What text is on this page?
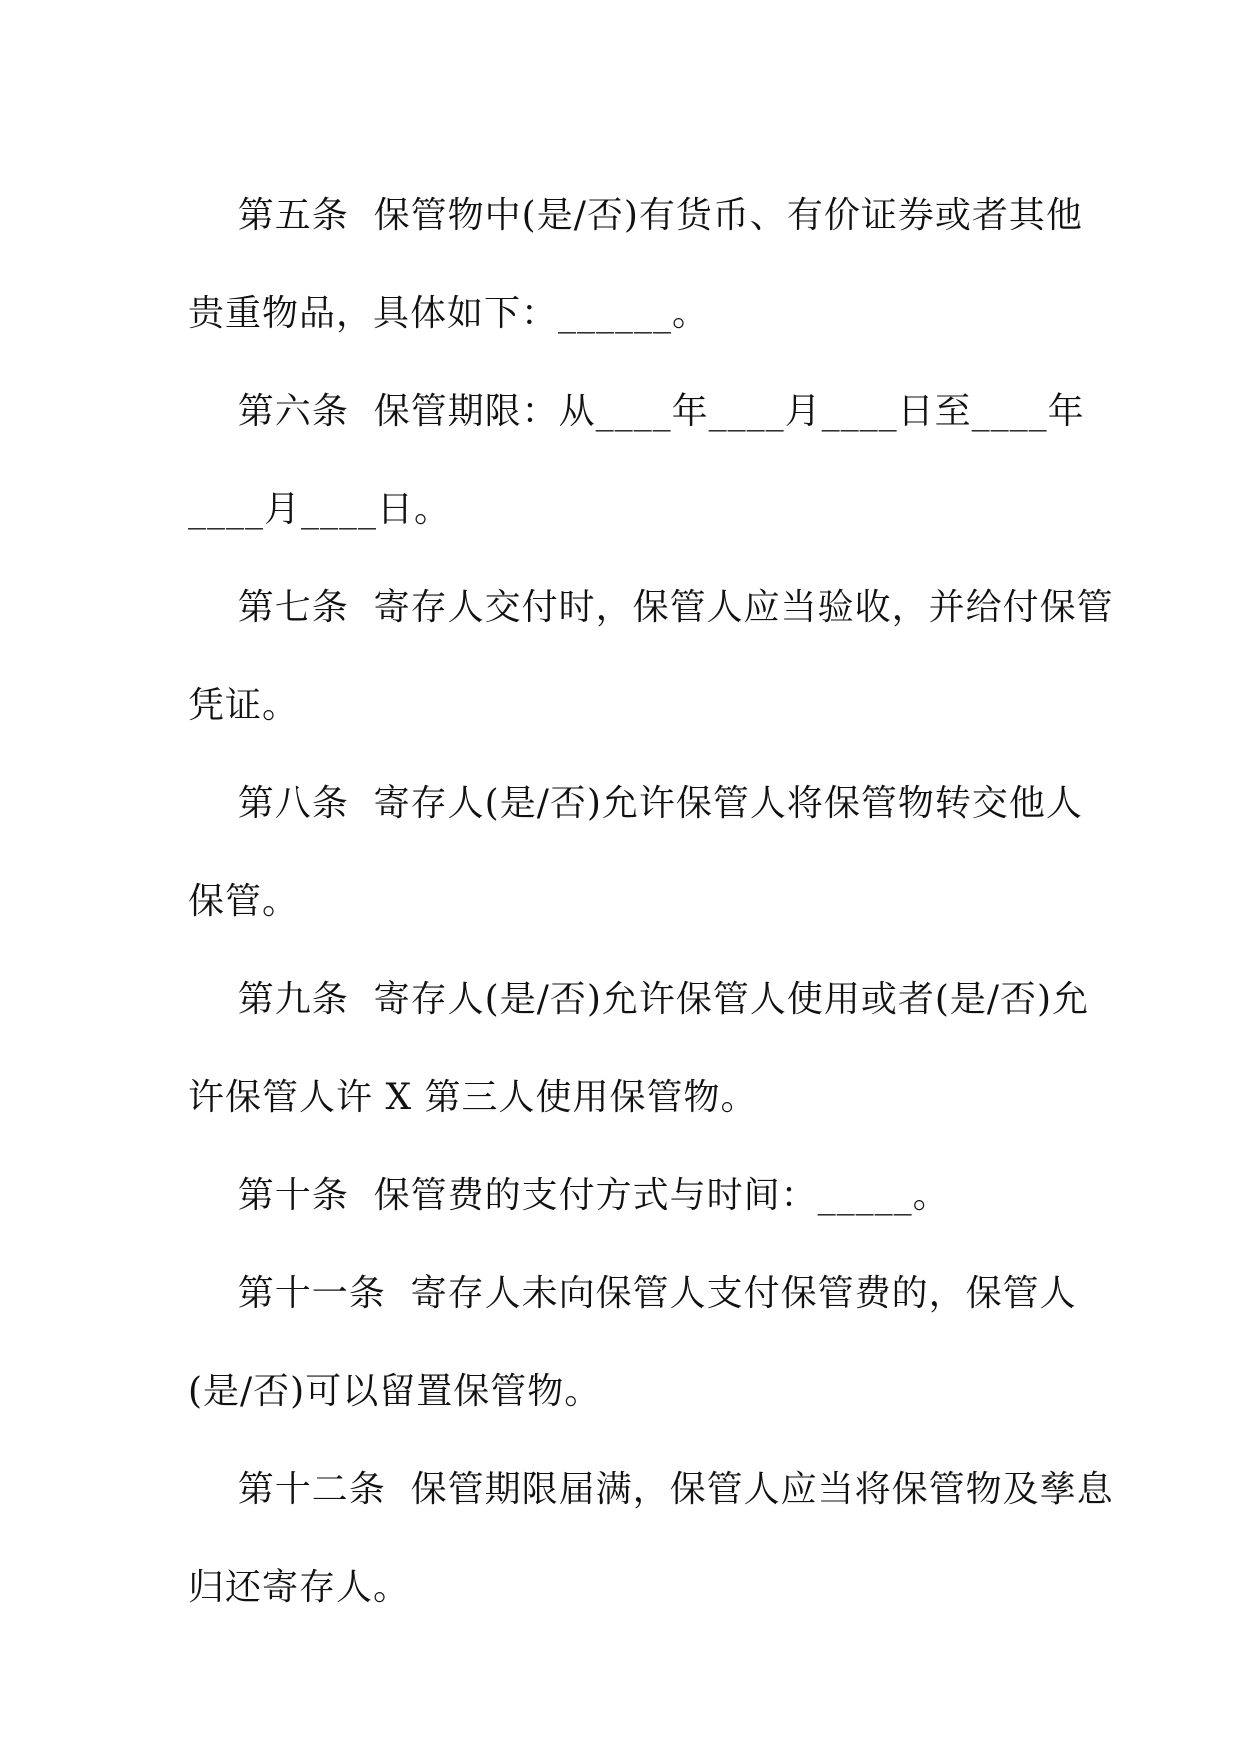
第五条  保管物中(是/否)有货币、有价证券或者其他
贵重物品，具体如下：______。
第六条  保管期限：从____年____月____日至____年
____月____日。
第七条  寄存人交付时，保管人应当验收，并给付保管
凭证。
第八条  寄存人(是/否)允许保管人将保管物转交他人
保管。
第九条  寄存人(是/否)允许保管人使用或者(是/否)允
许保管人许 X 第三人使用保管物。
第十条  保管费的支付方式与时间：_____。
第十一条  寄存人未向保管人支付保管费的，保管人
(是/否)可以留置保管物。
第十二条  保管期限届满，保管人应当将保管物及孳息
归还寄存人。
